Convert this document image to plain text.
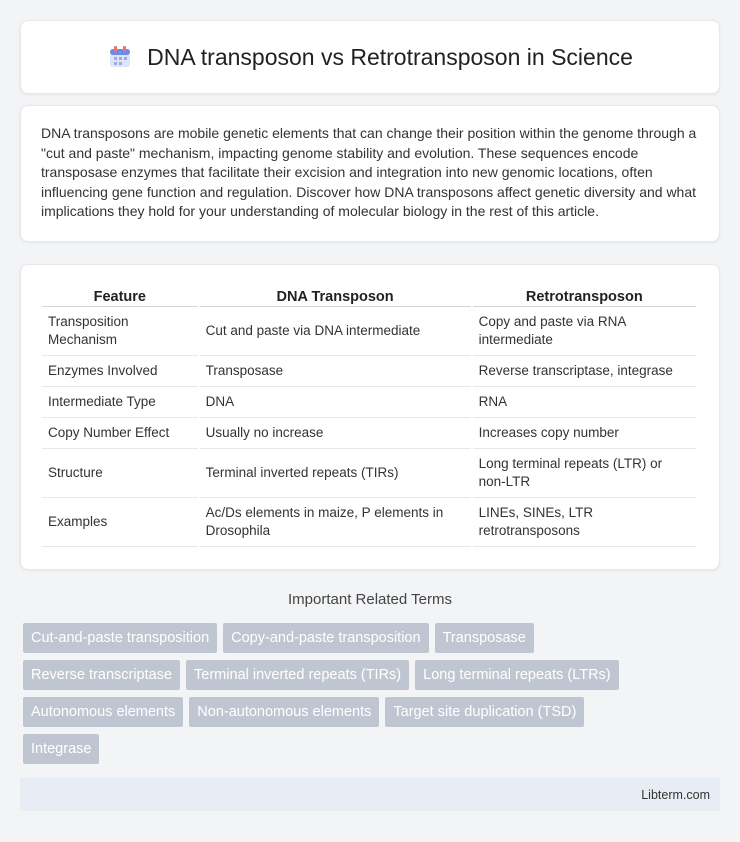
DNA transposon vs Retrotransposon in Science

DNA transposons are mobile genetic elements that can change their position within the genome through a "cut and paste" mechanism, impacting genome stability and evolution. These sequences encode transposase enzymes that facilitate their excision and integration into new genomic locations, often influencing gene function and regulation. Discover how DNA transposons affect genetic diversity and what implications they hold for your understanding of molecular biology in the rest of this article.

Feature	DNA Transposon	Retrotransposon
Transposition Mechanism	Cut and paste via DNA intermediate	Copy and paste via RNA intermediate
Enzymes Involved	Transposase	Reverse transcriptase, integrase
Intermediate Type	DNA	RNA
Copy Number Effect	Usually no increase	Increases copy number
Structure	Terminal inverted repeats (TIRs)	Long terminal repeats (LTR) or non-LTR
Examples	Ac/Ds elements in maize, P elements in Drosophila	LINEs, SINEs, LTR retrotransposons
Important Related Terms
Cut-and-paste transposition	Copy-and-paste transposition	Transposase
Reverse transcriptase	Terminal inverted repeats (TIRs)	Long terminal repeats (LTRs)
Autonomous elements	Non-autonomous elements	Target site duplication (TSD)
Integrase
Libterm.com
